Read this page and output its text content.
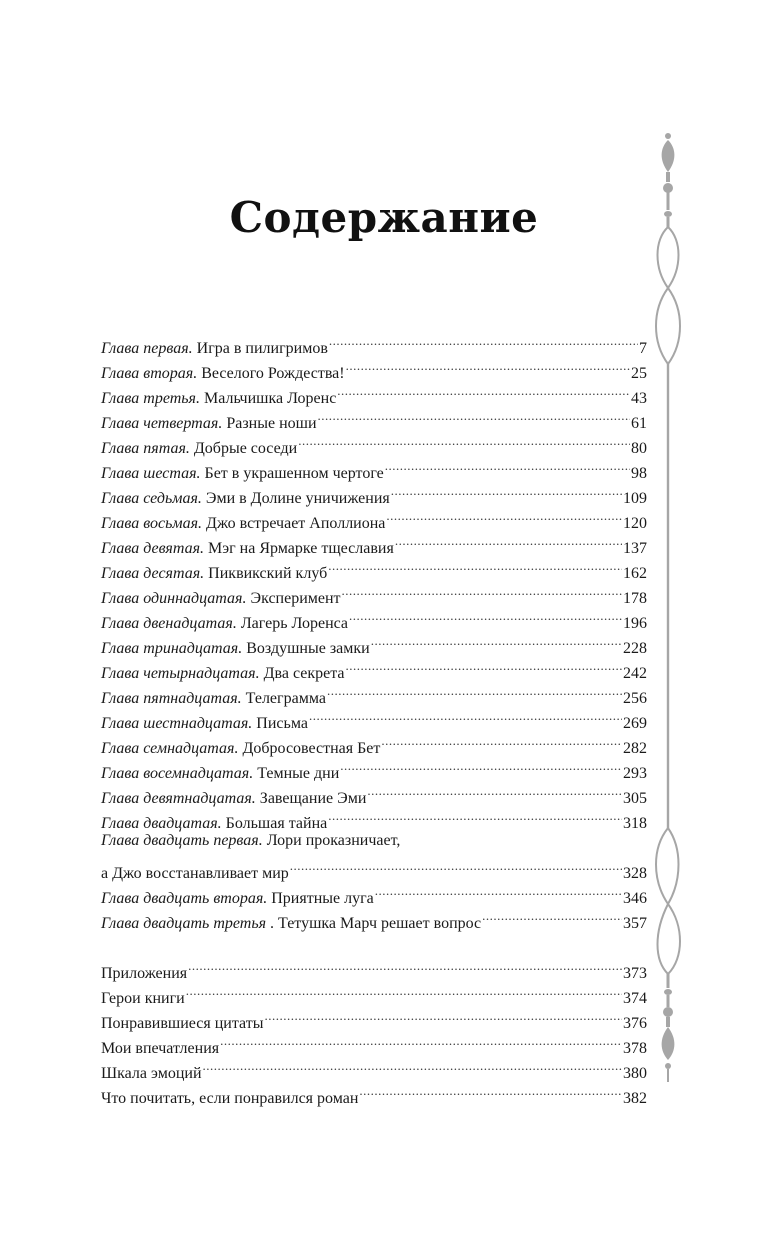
Содержание
Глава первая. Игра в пилигримов .....	7
Глава вторая. Веселого Рождества! .....	25
Глава третья. Мальчишка Лоренс .....	43
Глава четвертая. Разные ноши .....	61
Глава пятая. Добрые соседи .....	80
Глава шестая. Бет в украшенном чертоге .....	98
Глава седьмая. Эми в Долине уничижения .....	109
Глава восьмая. Джо встречает Аполлиона .....	120
Глава девятая. Мэг на Ярмарке тщеславия .....	137
Глава десятая. Пиквикский клуб .....	162
Глава одиннадцатая. Эксперимент .....	178
Глава двенадцатая. Лагерь Лоренса .....	196
Глава тринадцатая. Воздушные замки .....	228
Глава четырнадцатая. Два секрета .....	242
Глава пятнадцатая. Телеграмма .....	256
Глава шестнадцатая. Письма .....	269
Глава семнадцатая. Добросовестная Бет .....	282
Глава восемнадцатая. Темные дни .....	293
Глава девятнадцатая. Завещание Эми .....	305
Глава двадцатая. Большая тайна .....	318
Глава двадцать первая. Лори проказничает,
а Джо восстанавливает мир .....	328
Глава двадцать вторая. Приятные луга .....	346
Глава двадцать третья . Тетушка Марч решает вопрос .....	357
Приложения .....	373
Герои книги .....	374
Понравившиеся цитаты .....	376
Мои впечатления .....	378
Шкала эмоций .....	380
Что почитать, если понравился роман .....	382
